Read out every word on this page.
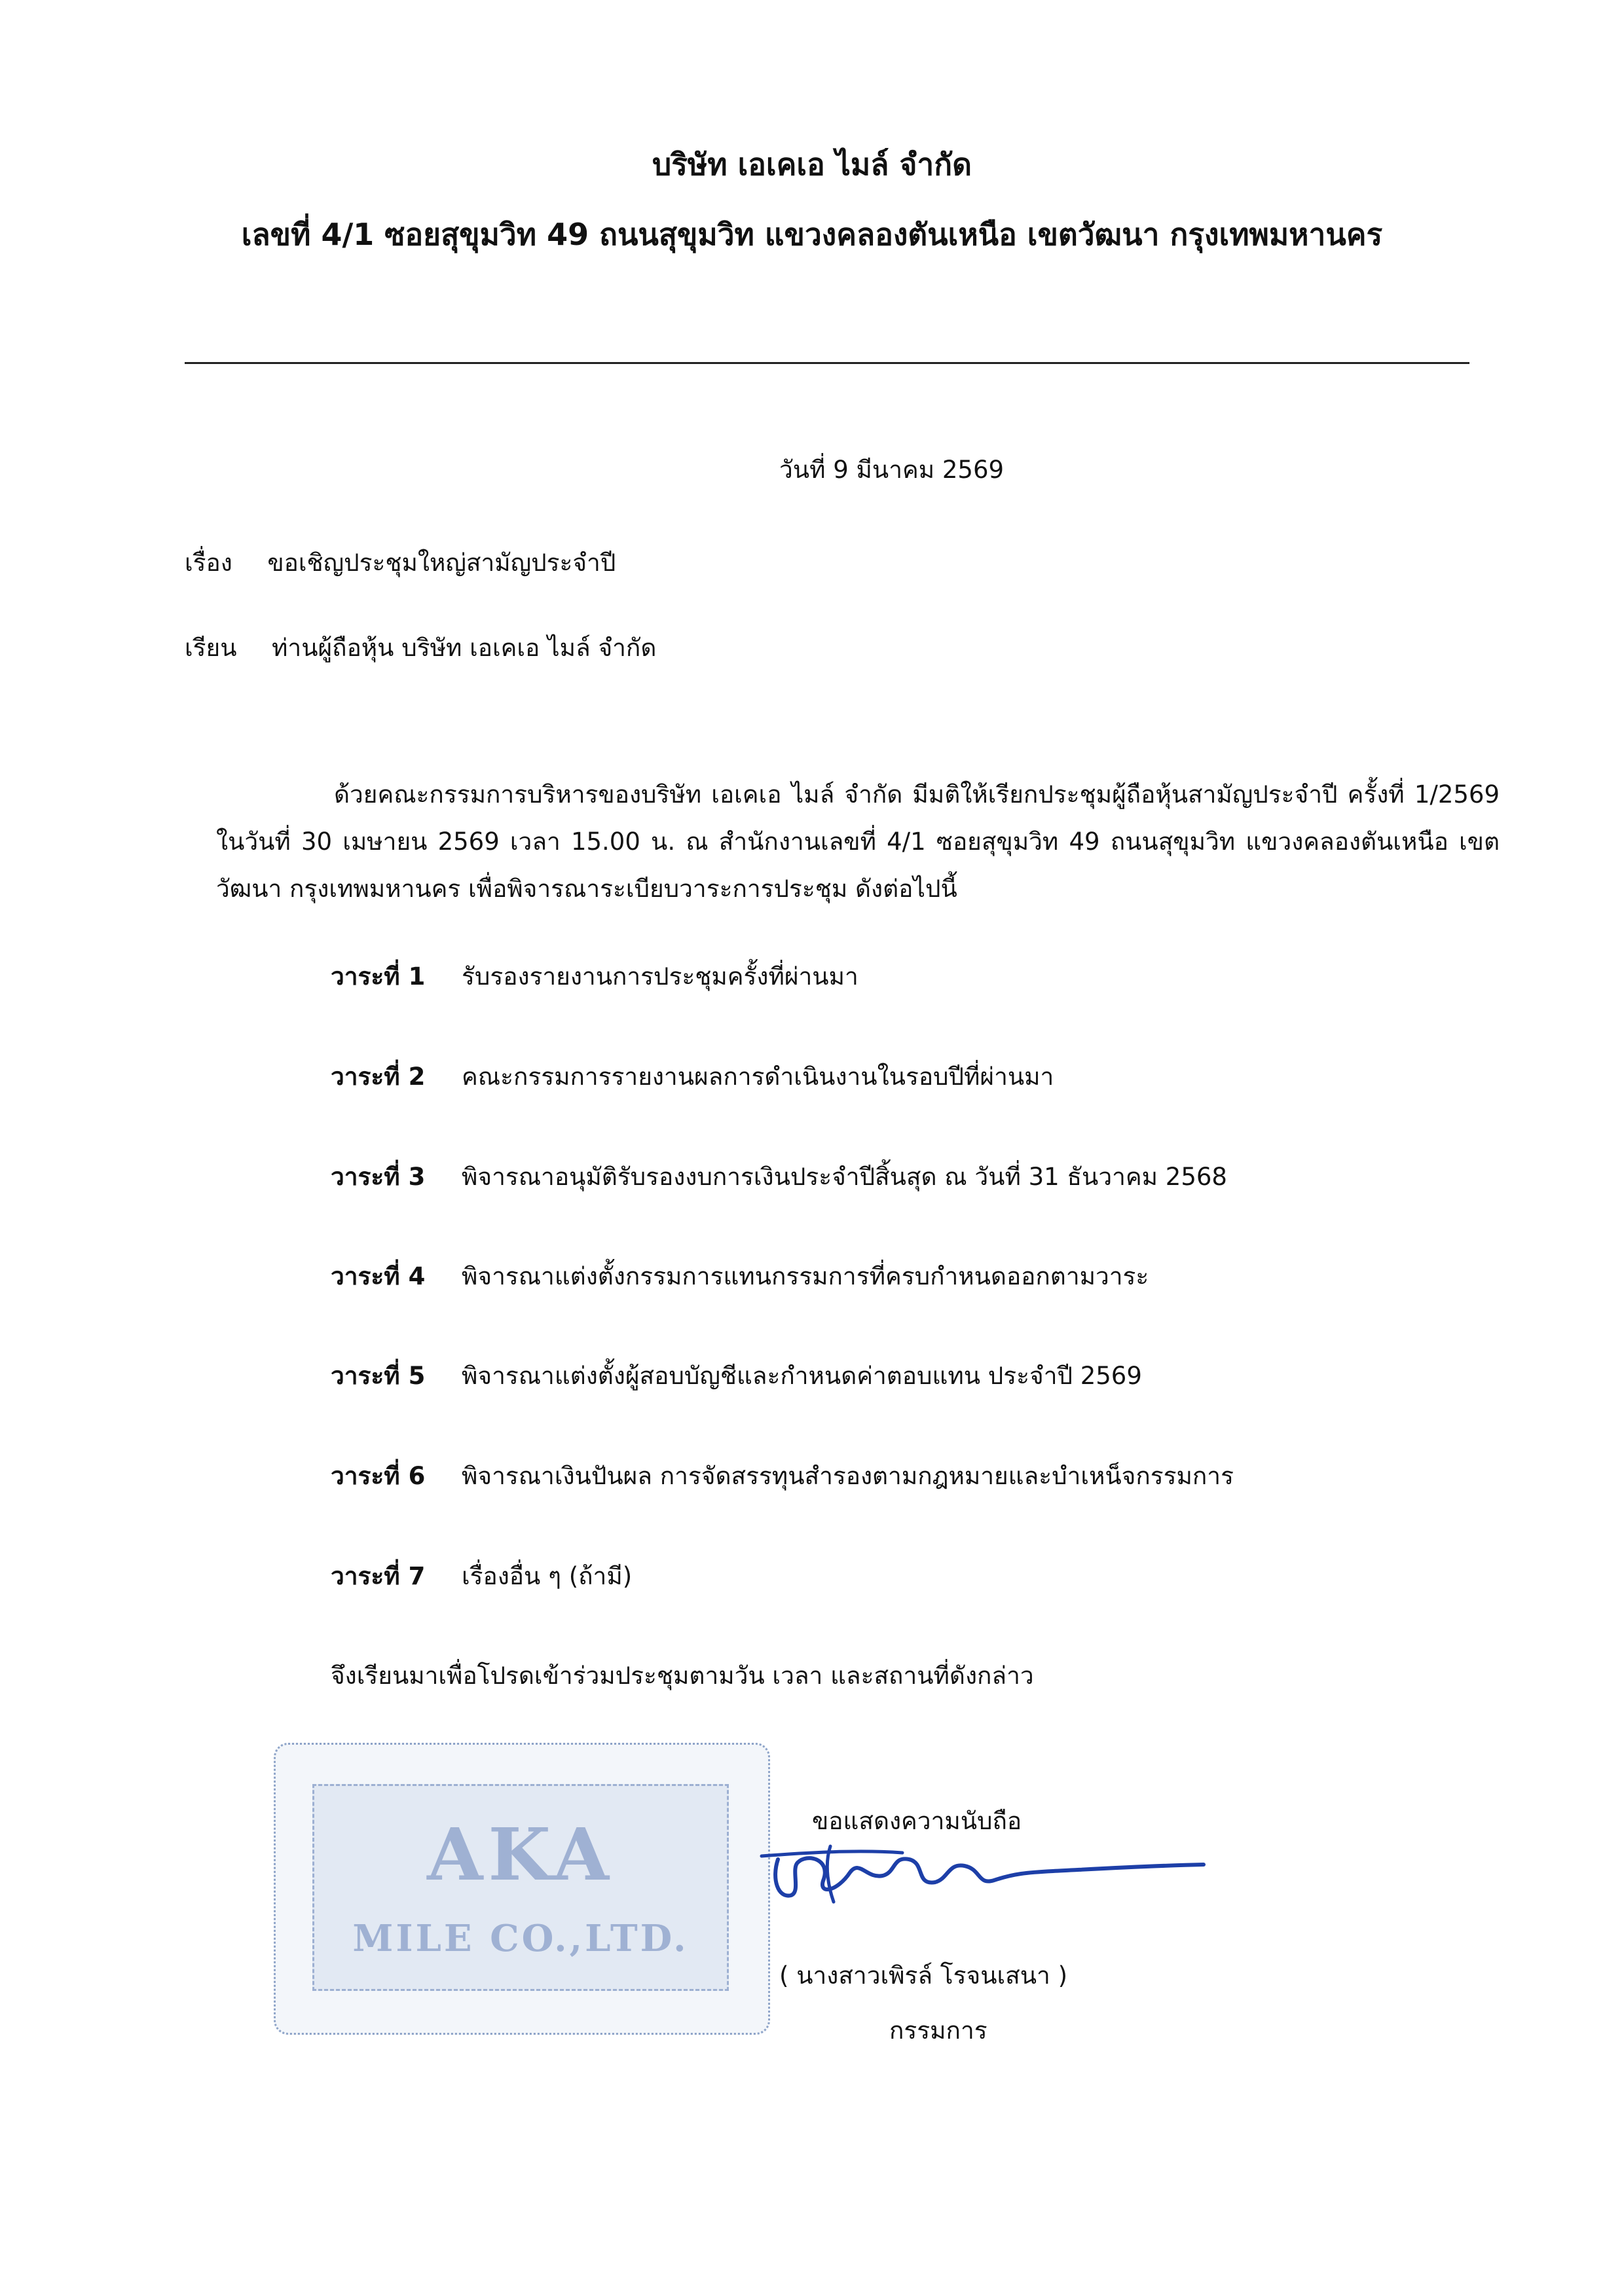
บริษัท เอเคเอ ไมล์ จำกัด
เลขที่ 4/1 ซอยสุขุมวิท 49 ถนนสุขุมวิท แขวงคลองตันเหนือ เขตวัฒนา กรุงเทพมหานคร
วันที่ 9 มีนาคม 2569
เรื่อง ขอเชิญประชุมใหญ่สามัญประจำปี
เรียน ท่านผู้ถือหุ้น บริษัท เอเคเอ ไมล์ จำกัด
ด้วยคณะกรรมการบริหารของบริษัท เอเคเอ ไมล์ จำกัด มีมติให้เรียกประชุมผู้ถือหุ้นสามัญประจำปี ครั้งที่ 1/2569 ในวันที่ 30 เมษายน 2569 เวลา 15.00 น. ณ สำนักงานเลขที่ 4/1 ซอยสุขุมวิท 49 ถนนสุขุมวิท แขวงคลองตันเหนือ เขตวัฒนา กรุงเทพมหานคร เพื่อพิจารณาระเบียบวาระการประชุม ดังต่อไปนี้
วาระที่ 1 รับรองรายงานการประชุมครั้งที่ผ่านมา
วาระที่ 2 คณะกรรมการรายงานผลการดำเนินงานในรอบปีที่ผ่านมา
วาระที่ 3 พิจารณาอนุมัติรับรองงบการเงินประจำปีสิ้นสุด ณ วันที่ 31 ธันวาคม 2568
วาระที่ 4 พิจารณาแต่งตั้งกรรมการแทนกรรมการที่ครบกำหนดออกตามวาระ
วาระที่ 5 พิจารณาแต่งตั้งผู้สอบบัญชีและกำหนดค่าตอบแทน ประจำปี 2569
วาระที่ 6 พิจารณาเงินปันผล การจัดสรรทุนสำรองตามกฎหมายและบำเหน็จกรรมการ
วาระที่ 7 เรื่องอื่น ๆ (ถ้ามี)
จึงเรียนมาเพื่อโปรดเข้าร่วมประชุมตามวัน เวลา และสถานที่ดังกล่าว
AKA
MILE CO.,LTD.
ขอแสดงความนับถือ
( นางสาวเพิรล์ โรจนเสนา )
กรรมการ
